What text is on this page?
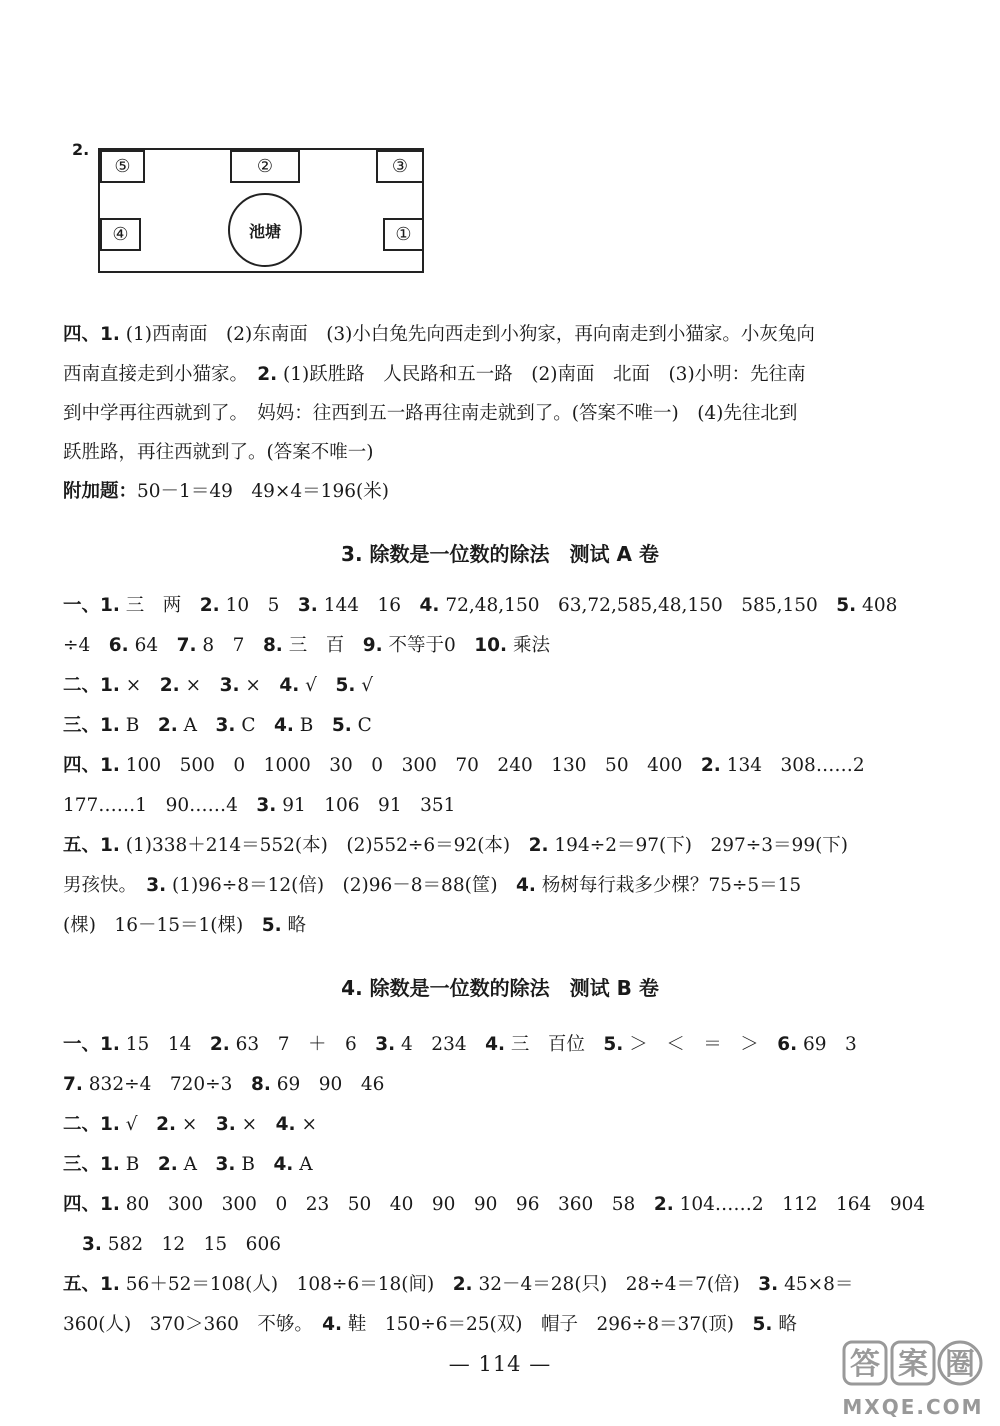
2.
⑤	②	③
④	①
池塘
四、1. (1)西南面　(2)东南面　(3)小白兔先向西走到小狗家，再向南走到小猫家。小灰兔向
西南直接走到小猫家。　2. (1)跃胜路　人民路和五一路　(2)南面　北面　(3)小明：先往南
到中学再往西就到了。　妈妈：往西到五一路再往南走就到了。(答案不唯一)　(4)先往北到
跃胜路，再往西就到了。(答案不唯一)
附加题：50－1＝49　49×4＝196(米)
3. 除数是一位数的除法　测试 A 卷
一、1. 三　两　2. 10　5　3. 144　16　4. 72,48,150　63,72,585,48,150　585,150　5. 408
÷4　6. 64　7. 8　7　8. 三　百　9. 不等于0　10. 乘法
二、1. ×　2. ×　3. ×　4. √　5. √
三、1. B　2. A　3. C　4. B　5. C
四、1. 100　500　0　1000　30　0　300　70　240　130　50　400　2. 134　308……2
177……1　90……4　3. 91　106　91　351
五、1. (1)338＋214＝552(本)　(2)552÷6＝92(本)　2. 194÷2＝97(下)　297÷3＝99(下)
男孩快。　3. (1)96÷8＝12(倍)　(2)96－8＝88(筐)　4. 杨树每行栽多少棵？75÷5＝15
(棵)　16－15＝1(棵)　5. 略
4. 除数是一位数的除法　测试 B 卷
一、1. 15　14　2. 63　7　＋　6　3. 4　234　4. 三　百位　5. ＞　＜　＝　＞　6. 69　3
7. 832÷4　720÷3　8. 69　90　46
二、1. √　2. ×　3. ×　4. ×
三、1. B　2. A　3. B　4. A
四、1. 80　300　300　0　23　50　40　90　90　96　360　58　2. 104……2　112　164　904
3. 582　12　15　606
五、1. 56＋52＝108(人)　108÷6＝18(间)　2. 32－4＝28(只)　28÷4＝7(倍)　3. 45×8＝
360(人)　370＞360　不够。　4. 鞋　150÷6＝25(双)　帽子　296÷8＝37(顶)　5. 略
— 114 —	答 案 圈
MXQE.COM
